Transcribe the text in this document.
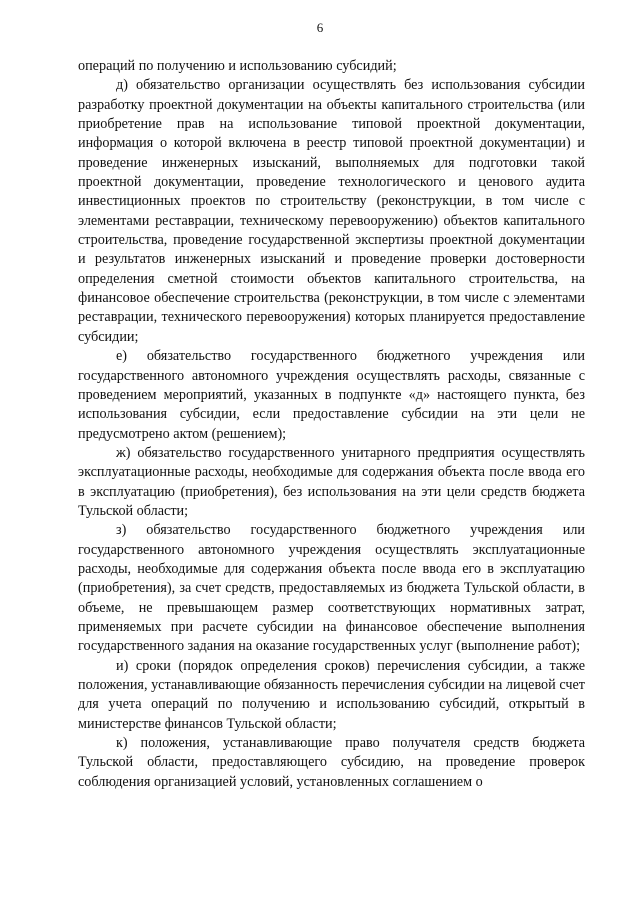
6

операций по получению и использованию субсидий;

д) обязательство организации осуществлять без использования субсидии разработку проектной документации на объекты капитального строительства (или приобретение прав на использование типовой проектной документации, информация о которой включена в реестр типовой проектной документации) и проведение инженерных изысканий, выполняемых для подготовки такой проектной документации, проведение технологического и ценового аудита инвестиционных проектов по строительству (реконструкции, в том числе с элементами реставрации, техническому перевооружению) объектов капитального строительства, проведение государственной экспертизы проектной документации и результатов инженерных изысканий и проведение проверки достоверности определения сметной стоимости объектов капитального строительства, на финансовое обеспечение строительства (реконструкции, в том числе с элементами реставрации, технического перевооружения) которых планируется предоставление субсидии;

е) обязательство государственного бюджетного учреждения или государственного автономного учреждения осуществлять расходы, связанные с проведением мероприятий, указанных в подпункте «д» настоящего пункта, без использования субсидии, если предоставление субсидии на эти цели не предусмотрено актом (решением);

ж) обязательство государственного унитарного предприятия осуществлять эксплуатационные расходы, необходимые для содержания объекта после ввода его в эксплуатацию (приобретения), без использования на эти цели средств бюджета Тульской области;

з) обязательство государственного бюджетного учреждения или государственного автономного учреждения осуществлять эксплуатационные расходы, необходимые для содержания объекта после ввода его в эксплуатацию (приобретения), за счет средств, предоставляемых из бюджета Тульской области, в объеме, не превышающем размер соответствующих нормативных затрат, применяемых при расчете субсидии на финансовое обеспечение выполнения государственного задания на оказание государственных услуг (выполнение работ);

и) сроки (порядок определения сроков) перечисления субсидии, а также положения, устанавливающие обязанность перечисления субсидии на лицевой счет для учета операций по получению и использованию субсидий, открытый в министерстве финансов Тульской области;

к) положения, устанавливающие право получателя средств бюджета Тульской области, предоставляющего субсидию, на проведение проверок соблюдения организацией условий, установленных соглашением о
